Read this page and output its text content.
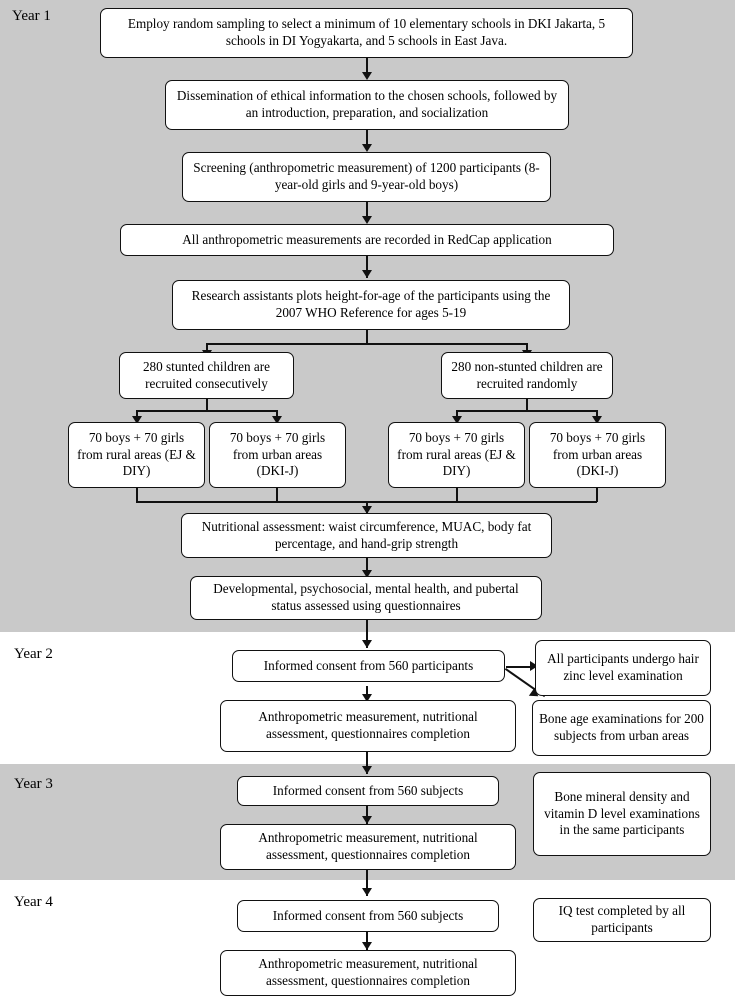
Year 1
Year 2
Year 3
Year 4
Employ random sampling to select a minimum of 10 elementary schools in DKI Jakarta, 5 schools in DI Yogyakarta, and 5 schools in East Java.
Dissemination of ethical information to the chosen schools, followed by an introduction, preparation, and socialization
Screening (anthropometric measurement) of 1200 participants (8-year-old girls and 9-year-old boys)
All anthropometric measurements are recorded in RedCap application
Research assistants plots height-for-age of the participants using the 2007 WHO Reference for ages 5-19
280 stunted children are recruited consecutively
280 non-stunted children are recruited randomly
70 boys + 70 girls from rural areas (EJ & DIY)
70 boys + 70 girls from urban areas (DKI-J)
70 boys + 70 girls from rural areas (EJ & DIY)
70 boys + 70 girls from urban areas (DKI-J)
Nutritional assessment: waist circumference, MUAC, body fat percentage, and hand-grip strength
Developmental, psychosocial, mental health, and pubertal status assessed using questionnaires
Informed consent from 560 participants	All participants undergo hair zinc level examination
Anthropometric measurement, nutritional assessment, questionnaires completion
Bone age examinations for 200 subjects from urban areas
Informed consent from 560 subjects	Bone mineral density and vitamin D level examinations in the same participants
Anthropometric measurement, nutritional assessment, questionnaires completion
Informed consent from 560 subjects	IQ test completed by all participants
Anthropometric measurement, nutritional assessment, questionnaires completion
